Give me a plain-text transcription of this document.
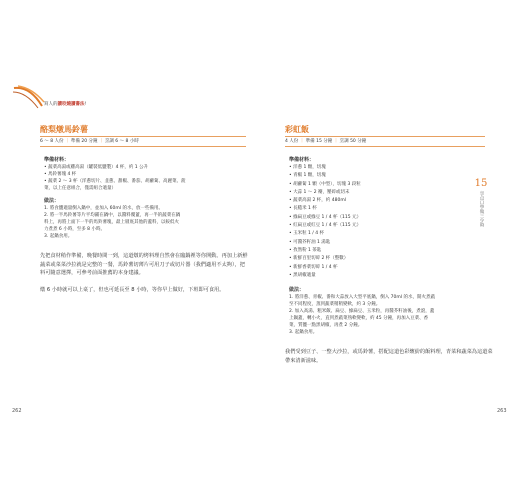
寫人的讀咬燒讀書法!
酪梨燉馬鈴薯
6 ～ 8 人份 ｜ 準備 20 分鐘 ｜ 烹調 6 ～ 8 小時
準備材料：
• 蔬菜高湯或雞高湯（罐裝低鹽製）4 杯，約 1 公升
• 馬鈴薯塊 4 杯
• 蔬菜 2 ～ 3 杯（洋蔥切片、韭蔥、甜椒、番茄、胡蘿蔔、高麗菜、菠
菜，以上任意組合，僅需組合適量）
做法：
1. 將食鹽適量倒入鍋中，並加入 60ml 的水，放一些備用。
2. 將一半馬鈴薯等片平均鋪在鍋中，以醬料覆蓋，再一半的蔬菜在鍋
料上，再將上面下一半的馬鈴薯塊，最上層底其他的蓋料，以較低火
力煮煮 6 小時，至多 8 小時。
3. 起鍋食用。
先把食材稍作準備，晚餐時間一到，這道燉的烤料理自然會在臨鍋裡等你開動。再加上新鮮蔬菜或菜菜沙拉就是完整的一餐，馬鈴薯切薄片可用刀子或切片器（我們適用不太夠），把料可隨意選擇，可參考前面推薦的本身建議。
燉 6 小時就可以上桌了，但也可延長至 8 小時，等你早上做好，下班即可食用。
262
彩虹飯
4 人份 ｜ 準備 15 分鐘 ｜ 烹調 50 分鐘
準備材料：
• 洋蔥 1 顆，切塊
• 青椒 1 顆，切塊
• 胡蘿蔔 1 顆（中型），切塊 3 段粒
• 大蒜 1 ～ 2 瓣，壓碎或切末
• 蔬菜高湯 2 杯，約 480ml
• 長糙米 1 杯
• 綠扁豆或綠豆 1 / 4 杯（115 元）
• 紅扁豆或紅豆 1 / 4 杯（115 元）
• 玉米粒 1 / 4 杯
• 可醬芥籽油 1 湯匙
• 孜然粉 1 茶匙
• 新鮮百里切碎 2 杯（整數）
• 新鮮香菜切碎 1 / 4 杯
• 黑胡椒適量
做法：
1. 將洋蔥、青椒、番和大蒜放入大型平底鍋，倒入 70ml 的水，開火煮蔬
至不同程度，蒸到蔬菜稍稍變軟，約 3 分鐘。
2. 加入高湯、粗米飯、扁豆、綠扁豆、玉米粒，再醬芥籽油後，煮滾，蓋
上鍋蓋，轉小火，直到煮蔬菜熟軟變軟，約 45 分鐘，再加入豆菜、香
菜，質鹽一點黑胡椒，再煮 2 分鐘。
3. 起鍋食用。
我們受到豆子、一整大沙拉，或馬鈴薯，搭配這道色彩繽紛的飯料理，青菜和蔬菜為這道菜帶來清新滋味。
263
15
享点口學做三少時
